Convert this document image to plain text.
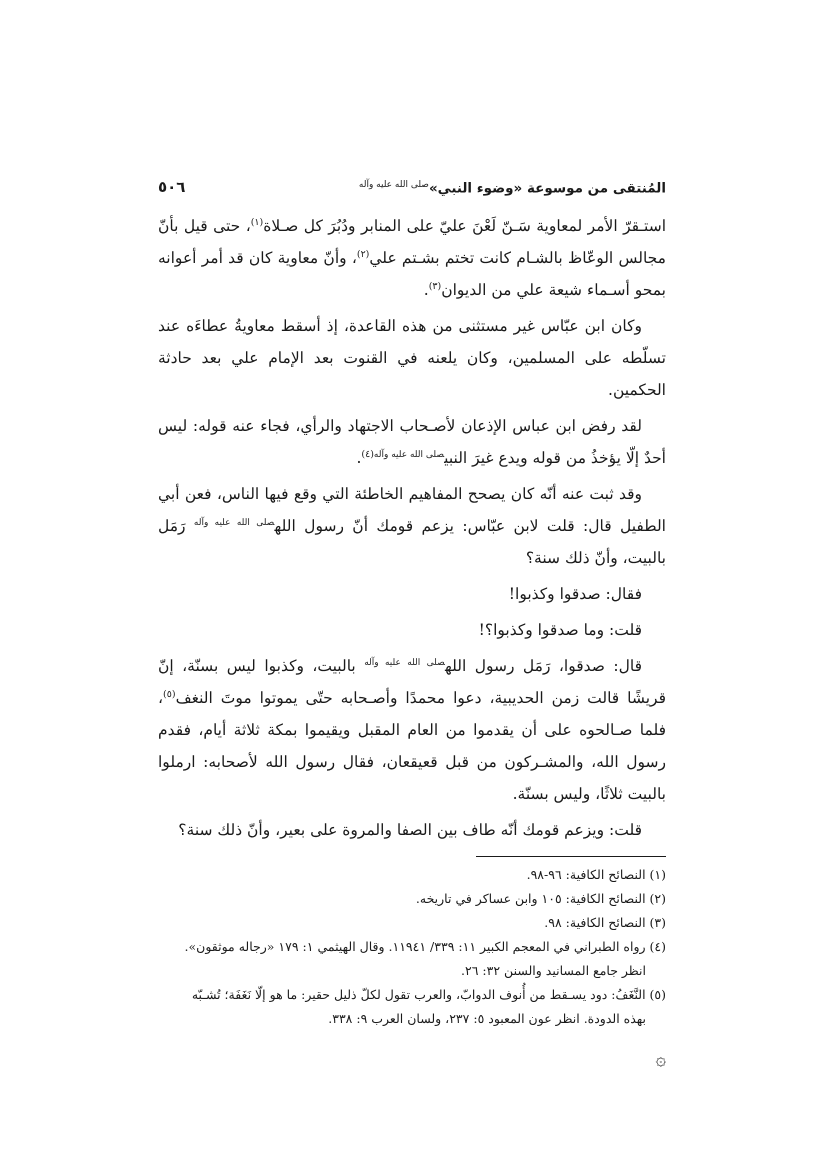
المُنتقى من موسوعة «وضوء النبي»$^{صلى الله عليه وآله}$
٥٠٦

استـقرّ الأمر لمعاوية سَـنّ لَعْنَ عليّ على المنابر ودُبُرَ كل صـلاة$^{(١)}$، حتى قيل بأنّ مجالس الوعّاظ بالشـام كانت تختم بشـتم علي$^{(٢)}$، وأنّ معاوية كان قد أمر أعوانه بمحو أسـماء شيعة علي من الديوان$^{(٣)}$.

وكان ابن عبّاس غير مستثنى من هذه القاعدة، إذ أسقط معاويةُ عطاءَه عند تسلّطه على المسلمين، وكان يلعنه في القنوت بعد الإمام علي بعد حادثة الحكمين.

لقد رفض ابن عباس الإذعان لأصـحاب الاجتهاد والرأي، فجاء عنه قوله: ليس أحدٌ إلّا يؤخذُ من قوله ويدع غيرَ النبي$^{صلى الله عليه وآله(٤)}$.

وقد ثبت عنه أنّه كان يصحح المفاهيم الخاطئة التي وقع فيها الناس، فعن أبي الطفيل قال: قلت لابن عبّاس: يزعم قومك أنّ رسول الله$^{صلى الله عليه وآله}$ رَمَل بالبيت، وأنّ ذلك سنة؟

فقال: صدقوا وكذبوا!

قلت: وما صدقوا وكذبوا؟!

قال: صدقوا، رَمَل رسول الله$^{صلى الله عليه وآله}$ بالبيت، وكذبوا ليس بسنّة، إنّ قريشًا قالت زمن الحديبية، دعوا محمدًا وأصـحابه حتّى يموتوا موتَ النغف$^{(٥)}$، فلما صـالحوه على أن يقدموا من العام المقبل ويقيموا بمكة ثلاثة أيام، فقدم رسول الله، والمشـركون من قبل قعيقعان، فقال رسول الله لأصحابه: ارملوا بالبيت ثلاثًا، وليس بسنّة.

قلت: ويزعم قومك أنّه طاف بين الصفا والمروة على بعير، وأنّ ذلك سنة؟

(١) النصائح الكافية: ٩٦-٩٨.

(٢) النصائح الكافية: ١٠٥ وابن عساكر في تاريخه.

(٣) النصائح الكافية: ٩٨.

(٤) رواه الطبراني في المعجم الكبير ١١: ٣٣٩/ ١١٩٤١. وقال الهيثمي ١: ١٧٩ «رجاله موثقون».
انظر جامع المسانيد والسنن ٣٢: ٢٦.

(٥) النَّغَفُ: دود يسـقط من أُنوف الدوابّ، والعرب تقول لكلّ ذليل حقير: ما هو إلّا نَغَفَة؛ تُشـبّه
بهذه الدودة. انظر عون المعبود ٥: ٢٣٧، ولسان العرب ٩: ٣٣٨.

۞
